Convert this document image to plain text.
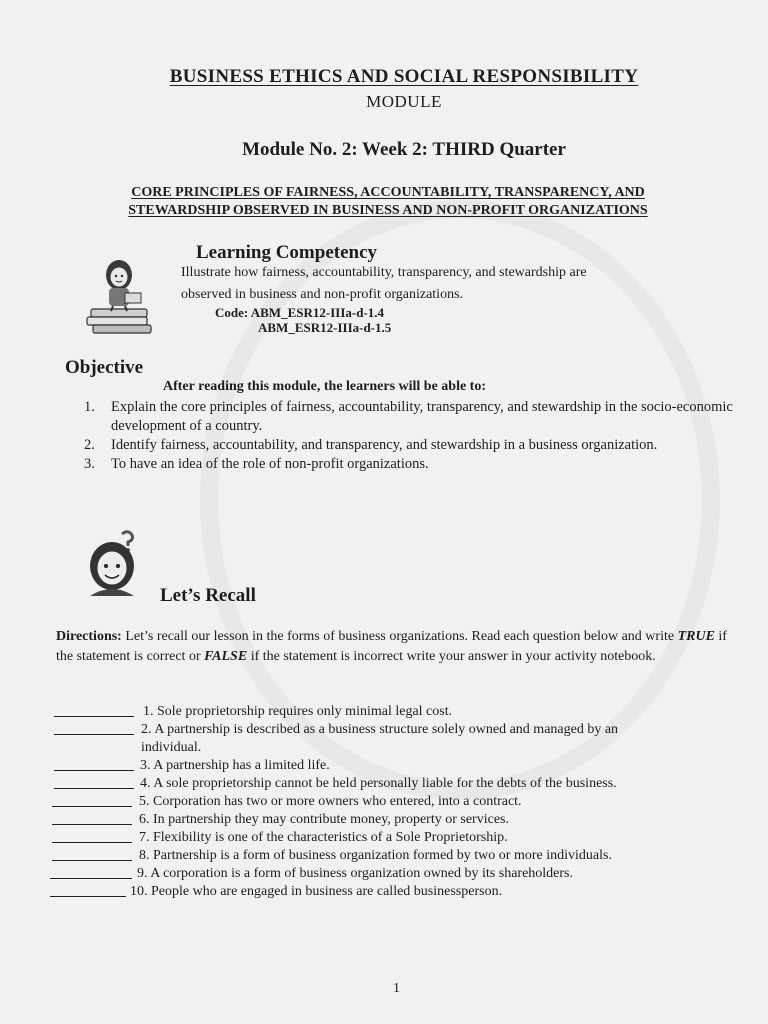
BUSINESS ETHICS AND SOCIAL RESPONSIBILITY
MODULE
Module No. 2: Week 2: THIRD Quarter
CORE PRINCIPLES OF FAIRNESS, ACCOUNTABILITY, TRANSPARENCY, AND
STEWARDSHIP OBSERVED IN BUSINESS AND NON-PROFIT ORGANIZATIONS
Learning Competency
Illustrate how fairness, accountability, transparency, and stewardship are
observed in business and non-profit organizations.
Code: ABM_ESR12-IIIa-d-1.4
ABM_ESR12-IIIa-d-1.5
Objective
After reading this module, the learners will be able to:
1. Explain the core principles of fairness, accountability, transparency, and stewardship in the socio-economic development of a country.
2. Identify fairness, accountability, and transparency, and stewardship in a business organization.
3. To have an idea of the role of non-profit organizations.
Let’s Recall
Directions: Let’s recall our lesson in the forms of business organizations. Read each question below and write TRUE if the statement is correct or FALSE if the statement is incorrect write your answer in your activity notebook.
1. Sole proprietorship requires only minimal legal cost.
2. A partnership is described as a business structure solely owned and managed by an individual.
3. A partnership has a limited life.
4. A sole proprietorship cannot be held personally liable for the debts of the business.
5. Corporation has two or more owners who entered, into a contract.
6. In partnership they may contribute money, property or services.
7. Flexibility is one of the characteristics of a Sole Proprietorship.
8. Partnership is a form of business organization formed by two or more individuals.
9. A corporation is a form of business organization owned by its shareholders.
10. People who are engaged in business are called businessperson.
1
